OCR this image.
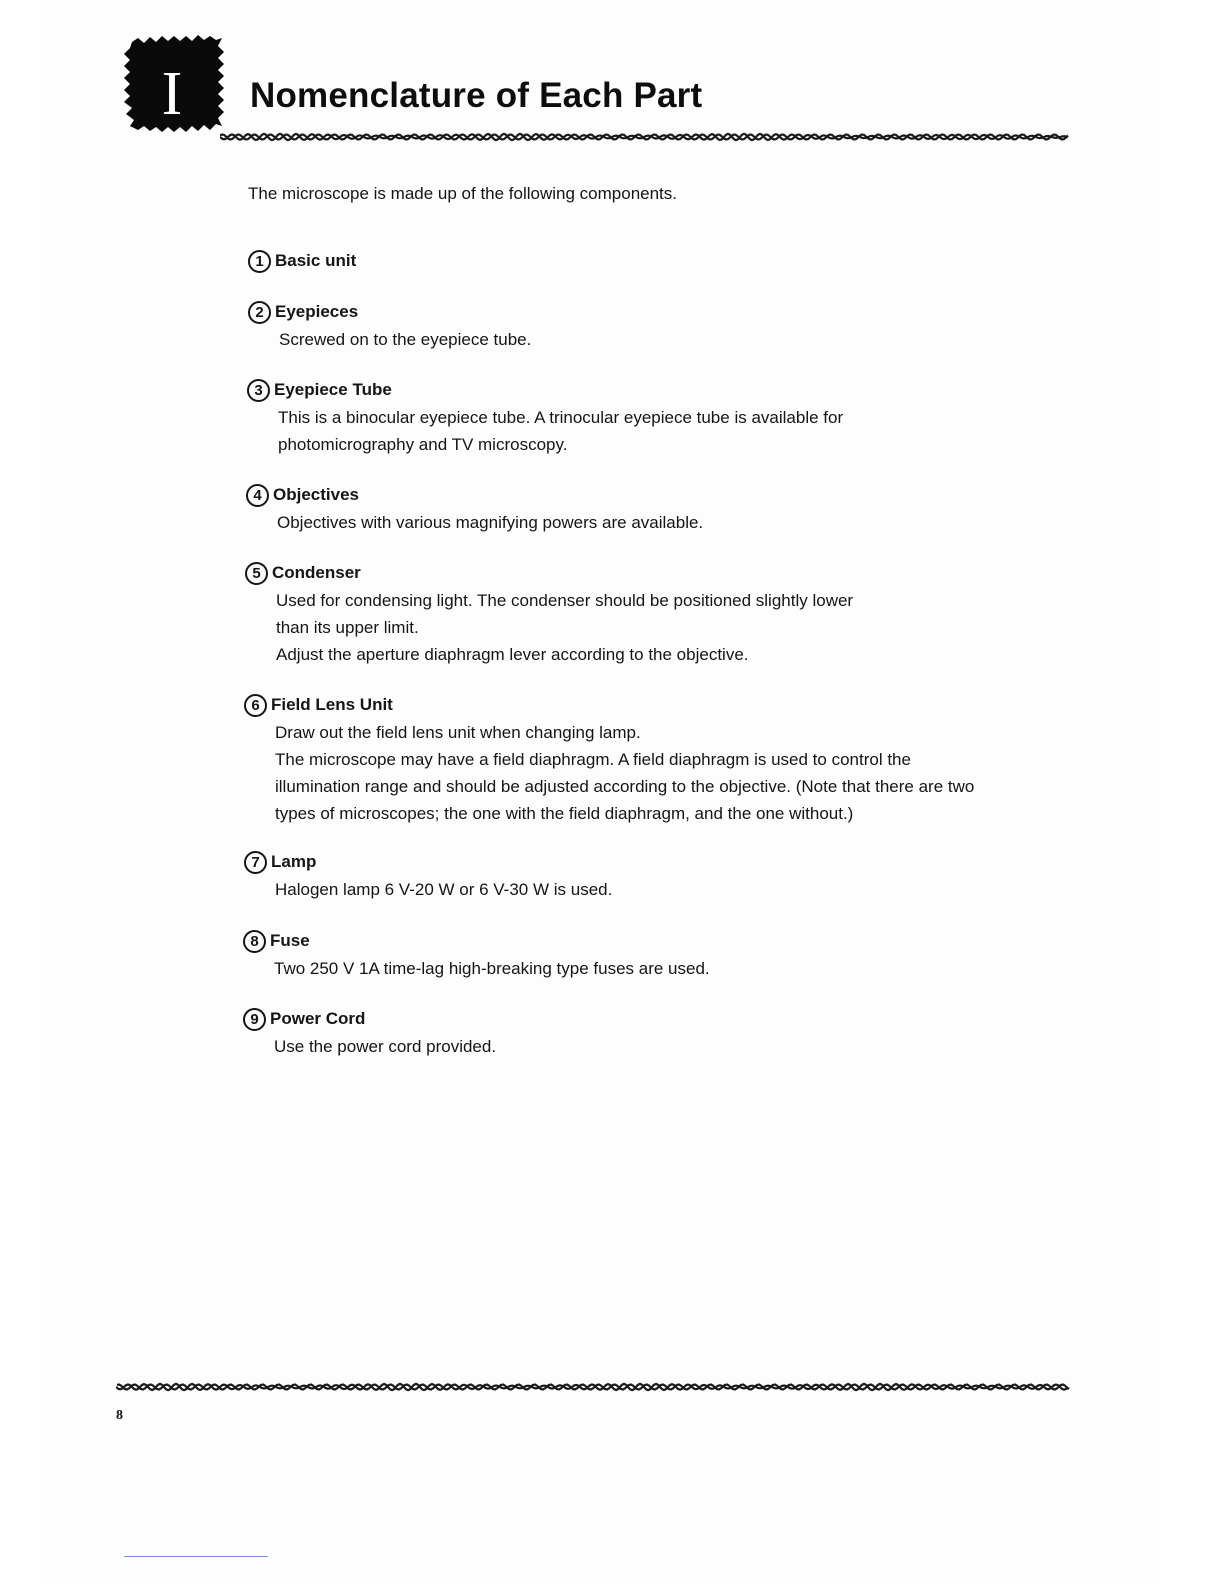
I Nomenclature of Each Part
The microscope is made up of the following components.
1 Basic unit
2 Eyepieces
Screwed on to the eyepiece tube.
3 Eyepiece Tube
This is a binocular eyepiece tube. A trinocular eyepiece tube is available for
photomicrography and TV microscopy.
4 Objectives
Objectives with various magnifying powers are available.
5 Condenser
Used for condensing light. The condenser should be positioned slightly lower
than its upper limit.
Adjust the aperture diaphragm lever according to the objective.
6 Field Lens Unit
Draw out the field lens unit when changing lamp.
The microscope may have a field diaphragm. A field diaphragm is used to control the
illumination range and should be adjusted according to the objective. (Note that there are two
types of microscopes; the one with the field diaphragm, and the one without.)
7 Lamp
Halogen lamp 6 V-20 W or 6 V-30 W is used.
8 Fuse
Two 250 V 1A time-lag high-breaking type fuses are used.
9 Power Cord
Use the power cord provided.
8
